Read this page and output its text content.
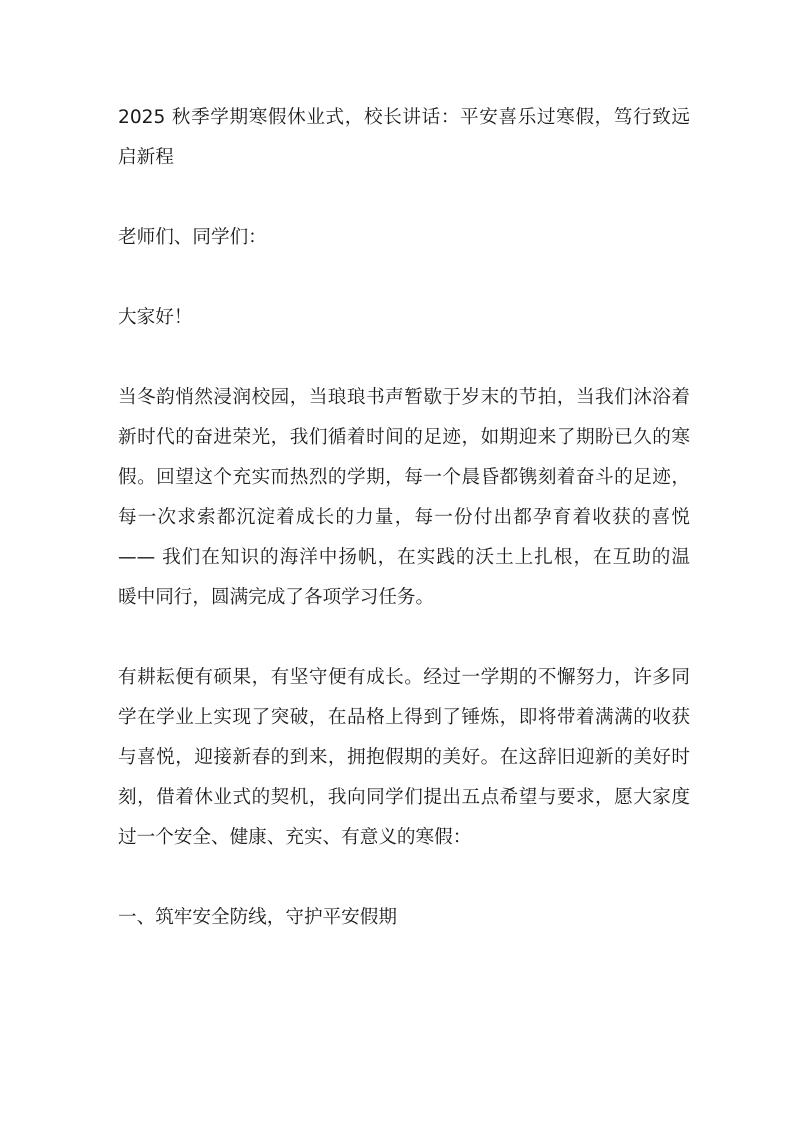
2025 秋季学期寒假休业式，校长讲话：平安喜乐过寒假，笃行致远
启新程
老师们、同学们：
大家好！
当冬韵悄然浸润校园，当琅琅书声暂歇于岁末的节拍，当我们沐浴着
新时代的奋进荣光，我们循着时间的足迹，如期迎来了期盼已久的寒
假。回望这个充实而热烈的学期，每一个晨昏都镌刻着奋斗的足迹，
每一次求索都沉淀着成长的力量，每一份付出都孕育着收获的喜悦
—— 我们在知识的海洋中扬帆，在实践的沃土上扎根，在互助的温
暖中同行，圆满完成了各项学习任务。
有耕耘便有硕果，有坚守便有成长。经过一学期的不懈努力，许多同
学在学业上实现了突破，在品格上得到了锤炼，即将带着满满的收获
与喜悦，迎接新春的到来，拥抱假期的美好。在这辞旧迎新的美好时
刻，借着休业式的契机，我向同学们提出五点希望与要求，愿大家度
过一个安全、健康、充实、有意义的寒假：
一、筑牢安全防线，守护平安假期
